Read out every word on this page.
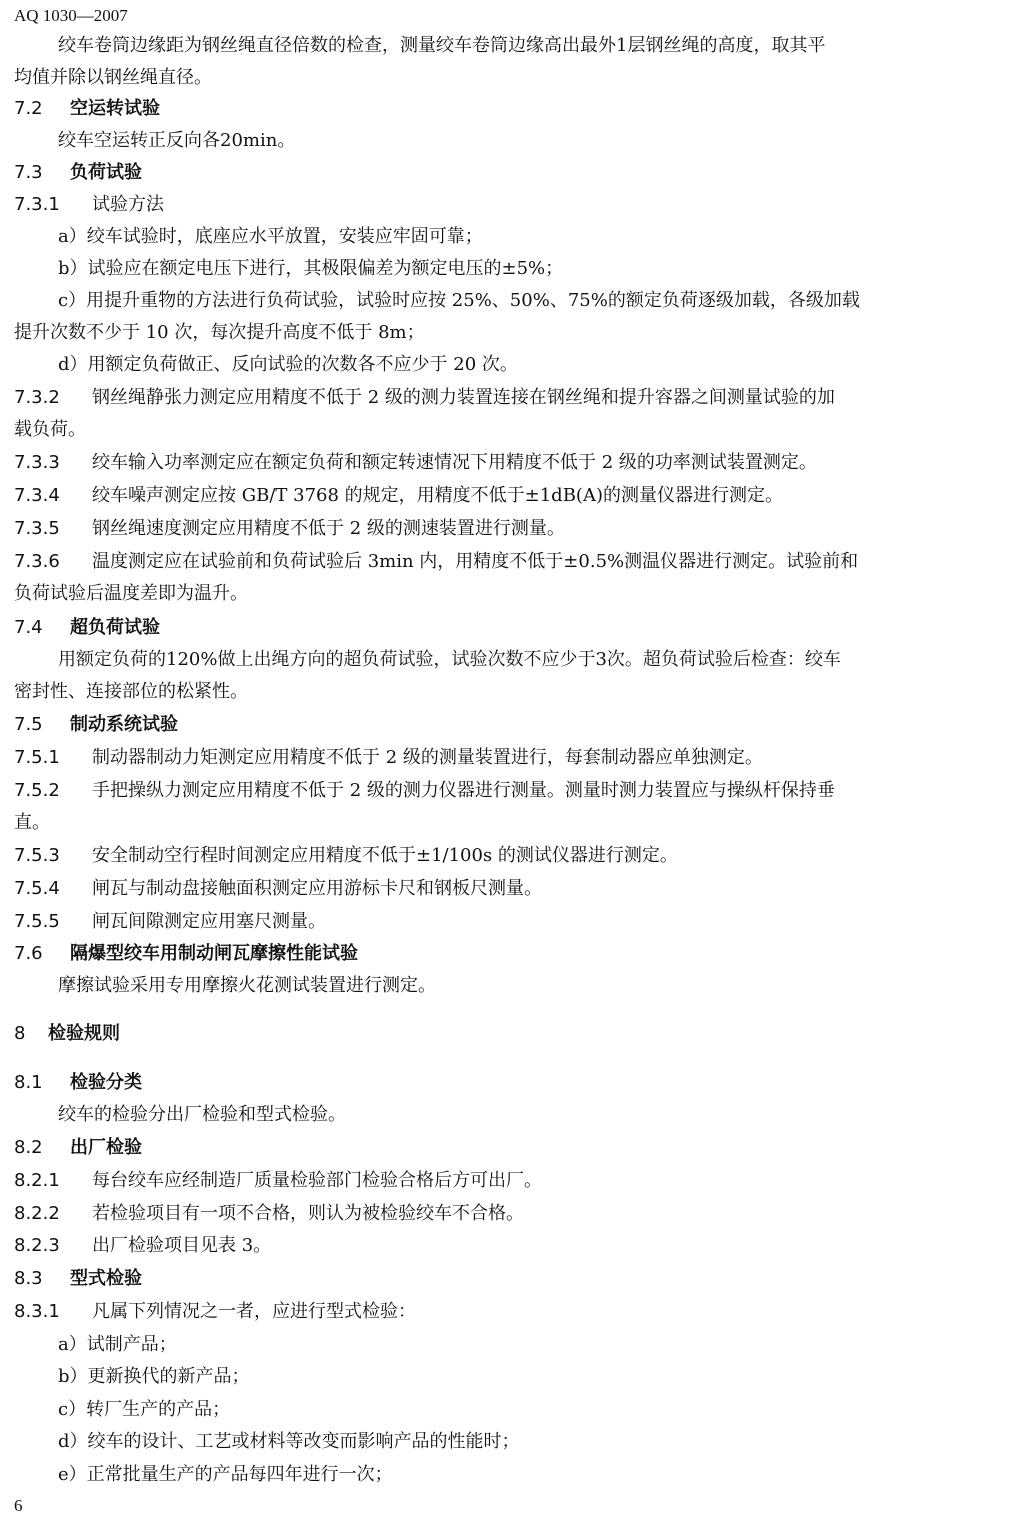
AQ 1030—2007
绞车卷筒边缘距为钢丝绳直径倍数的检查，测量绞车卷筒边缘高出最外1层钢丝绳的高度，取其平
均值并除以钢丝绳直径。
7.2 空运转试验
绞车空运转正反向各20min。
7.3 负荷试验
7.3.1 试验方法
a）绞车试验时，底座应水平放置，安装应牢固可靠；
b）试验应在额定电压下进行，其极限偏差为额定电压的±5%；
c）用提升重物的方法进行负荷试验，试验时应按 25%、50%、75%的额定负荷逐级加载，各级加载
提升次数不少于 10 次，每次提升高度不低于 8m；
d）用额定负荷做正、反向试验的次数各不应少于 20 次。
7.3.2 钢丝绳静张力测定应用精度不低于 2 级的测力装置连接在钢丝绳和提升容器之间测量试验的加
载负荷。
7.3.3 绞车输入功率测定应在额定负荷和额定转速情况下用精度不低于 2 级的功率测试装置测定。
7.3.4 绞车噪声测定应按 GB/T 3768 的规定，用精度不低于±1dB(A)的测量仪器进行测定。
7.3.5 钢丝绳速度测定应用精度不低于 2 级的测速装置进行测量。
7.3.6 温度测定应在试验前和负荷试验后 3min 内，用精度不低于±0.5%测温仪器进行测定。试验前和
负荷试验后温度差即为温升。
7.4 超负荷试验
用额定负荷的120%做上出绳方向的超负荷试验，试验次数不应少于3次。超负荷试验后检查：绞车
密封性、连接部位的松紧性。
7.5 制动系统试验
7.5.1 制动器制动力矩测定应用精度不低于 2 级的测量装置进行，每套制动器应单独测定。
7.5.2 手把操纵力测定应用精度不低于 2 级的测力仪器进行测量。测量时测力装置应与操纵杆保持垂
直。
7.5.3 安全制动空行程时间测定应用精度不低于±1/100s 的测试仪器进行测定。
7.5.4 闸瓦与制动盘接触面积测定应用游标卡尺和钢板尺测量。
7.5.5 闸瓦间隙测定应用塞尺测量。
7.6 隔爆型绞车用制动闸瓦摩擦性能试验
摩擦试验采用专用摩擦火花测试装置进行测定。
8 检验规则
8.1 检验分类
绞车的检验分出厂检验和型式检验。
8.2 出厂检验
8.2.1 每台绞车应经制造厂质量检验部门检验合格后方可出厂。
8.2.2 若检验项目有一项不合格，则认为被检验绞车不合格。
8.2.3 出厂检验项目见表 3。
8.3 型式检验
8.3.1 凡属下列情况之一者，应进行型式检验：
a）试制产品；
b）更新换代的新产品；
c）转厂生产的产品；
d）绞车的设计、工艺或材料等改变而影响产品的性能时；
e）正常批量生产的产品每四年进行一次；
6
